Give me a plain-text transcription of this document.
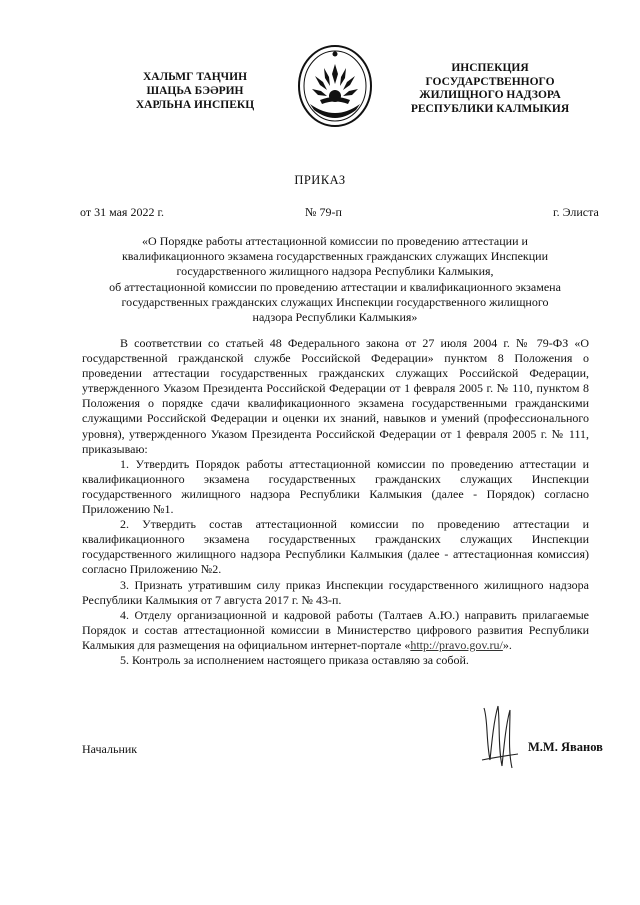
ХАЛЬМГ ТАҢЧИН
ШАЦЬА БЭӘРИН
ХАРЛЬНА ИНСПЕКЦ
ИНСПЕКЦИЯ
ГОСУДАРСТВЕННОГО
ЖИЛИЩНОГО НАДЗОРА
РЕСПУБЛИКИ КАЛМЫКИЯ
ПРИКАЗ
от 31 мая 2022 г.	№ 79-п	г. Элиста
«О Порядке работы аттестационной комиссии по проведению аттестации и
квалификационного экзамена государственных гражданских служащих Инспекции
государственного жилищного надзора Республики Калмыкия,
об аттестационной комиссии по проведению аттестации и квалификационного экзамена
государственных гражданских служащих Инспекции государственного жилищного
надзора Республики Калмыкия»

В соответствии со статьей 48 Федерального закона от 27 июля 2004 г. № 79-ФЗ «О государственной гражданской службе Российской Федерации» пунктом 8 Положения о проведении аттестации государственных гражданских служащих Российской Федерации, утвержденного Указом Президента Российской Федерации от 1 февраля 2005 г. № 110, пунктом 8 Положения о порядке сдачи квалификационного экзамена государственными гражданскими служащими Российской Федерации и оценки их знаний, навыков и умений (профессионального уровня), утвержденного Указом Президента Российской Федерации от 1 февраля 2005 г. № 111, приказываю:

1. Утвердить Порядок работы аттестационной комиссии по проведению аттестации и квалификационного экзамена государственных гражданских служащих Инспекции государственного жилищного надзора Республики Калмыкия (далее - Порядок) согласно Приложению №1.

2. Утвердить состав аттестационной комиссии по проведению аттестации и квалификационного экзамена государственных гражданских служащих Инспекции государственного жилищного надзора Республики Калмыкия (далее - аттестационная комиссия) согласно Приложению №2.

3. Признать утратившим силу приказ Инспекции государственного жилищного надзора Республики Калмыкия от 7 августа 2017 г. № 43-п.

4. Отделу организационной и кадровой работы (Талтаев А.Ю.) направить прилагаемые Порядок и состав аттестационной комиссии в Министерство цифрового развития Республики Калмыкия для размещения на официальном интернет-портале «http://pravo.gov.ru/».

5. Контроль за исполнением настоящего приказа оставляю за собой.

Начальник	М.М. Яванов
